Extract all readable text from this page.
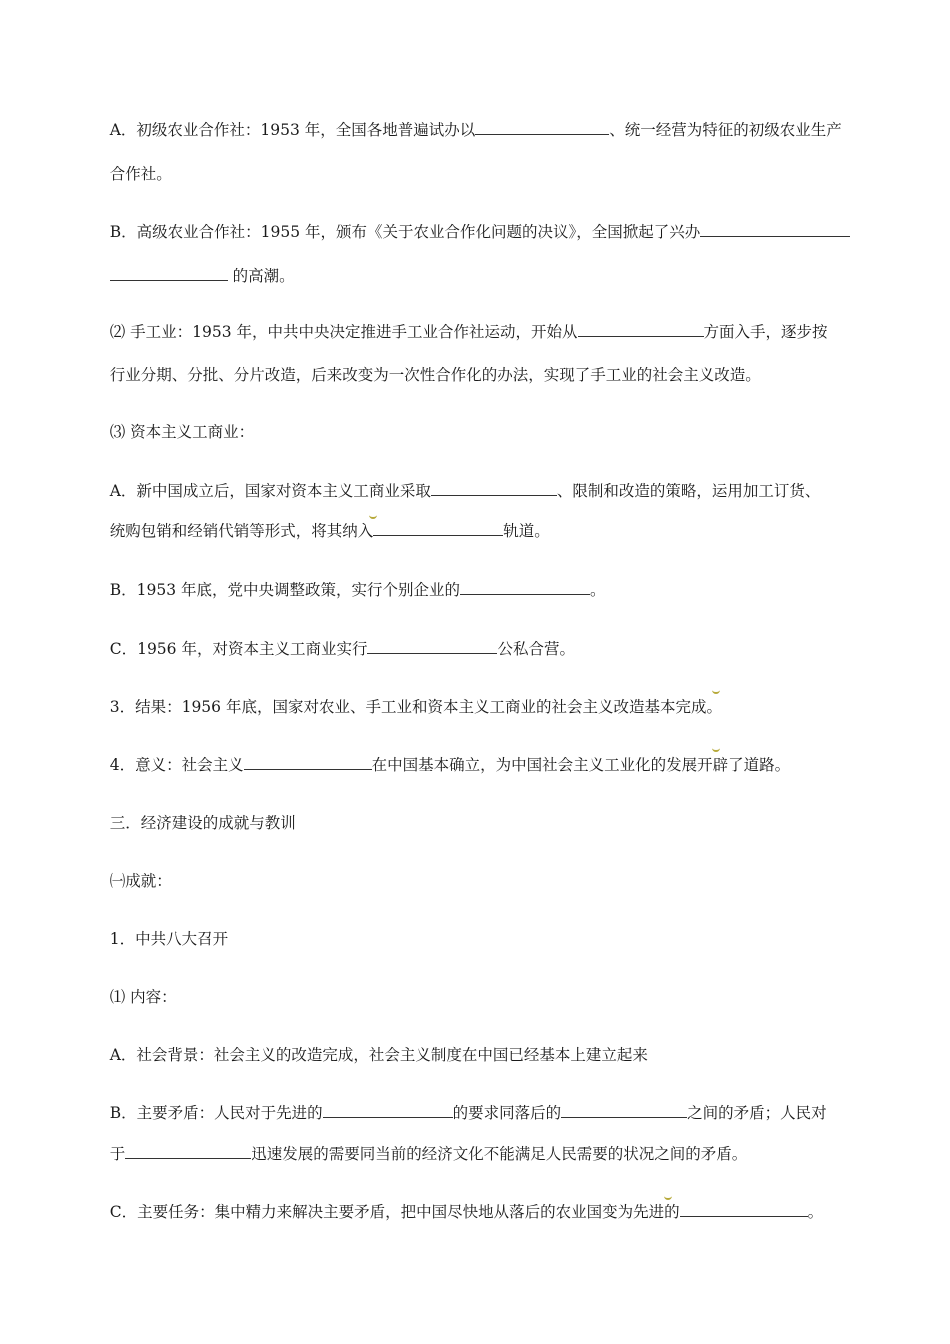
A．初级农业合作社：1953 年，全国各地普遍试办以	、统一经营为特征的初级农业生产

合作社。

B．高级农业合作社：1955 年，颁布《关于农业合作化问题的决议》，全国掀起了兴办

的高潮。

⑵ 手工业：1953 年，中共中央决定推进手工业合作社运动，开始从	方面入手，逐步按

行业分期、分批、分片改造，后来改变为一次性合作化的办法，实现了手工业的社会主义改造。

⑶ 资本主义工商业：

A．新中国成立后，国家对资本主义工商业采取	、限制和改造的策略，运用加工订货、

统购包销和经销代销等形式，将其纳入	轨道。

B．1953 年底，党中央调整政策，实行个别企业的	。

C．1956 年，对资本主义工商业实行	公私合营。

3．结果：1956 年底，国家对农业、手工业和资本主义工商业的社会主义改造基本完成。

4．意义：社会主义	在中国基本确立，为中国社会主义工业化的发展开辟了道路。

三．经济建设的成就与教训

㈠成就：

1．中共八大召开

⑴ 内容：

A．社会背景：社会主义的改造完成，社会主义制度在中国已经基本上建立起来

B．主要矛盾：人民对于先进的	的要求同落后的	之间的矛盾；人民对

于	迅速发展的需要同当前的经济文化不能满足人民需要的状况之间的矛盾。

C．主要任务：集中精力来解决主要矛盾，把中国尽快地从落后的农业国变为先进的	。
